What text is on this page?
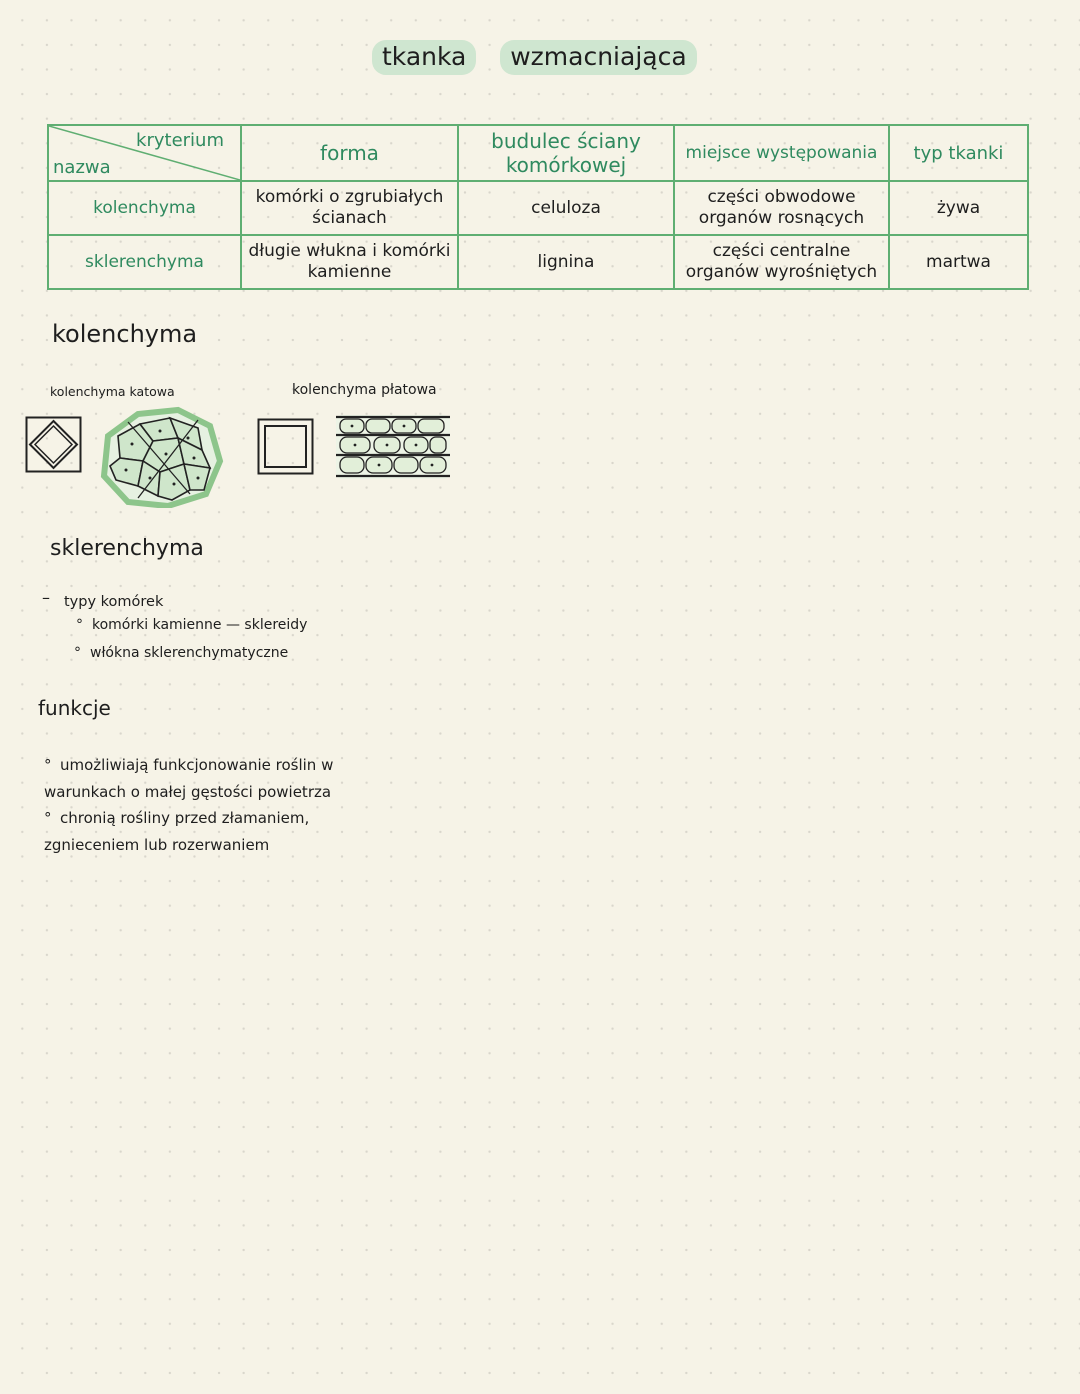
tkanka wzmacniająca
kryterium
nazwa	forma	budulec ściany komórkowej	miejsce występowania	typ tkanki
kolenchyma	komórki o zgrubiałych ścianach	celuloza	części obwodowe organów rosnących	żywa
sklerenchyma	długie włukna i komórki kamienne	lignina	części centralne organów wyrośniętych	martwa
kolenchyma
kolenchyma katowa	kolenchyma płatowa
sklerenchyma
– typy komórek
° komórki kamienne — sklereidy
° włókna sklerenchymatyczne
funkcje
° umożliwiają funkcjonowanie roślin w warunkach o małej gęstości powietrza
° chronią rośliny przed złamaniem, zgnieceniem lub rozerwaniem
